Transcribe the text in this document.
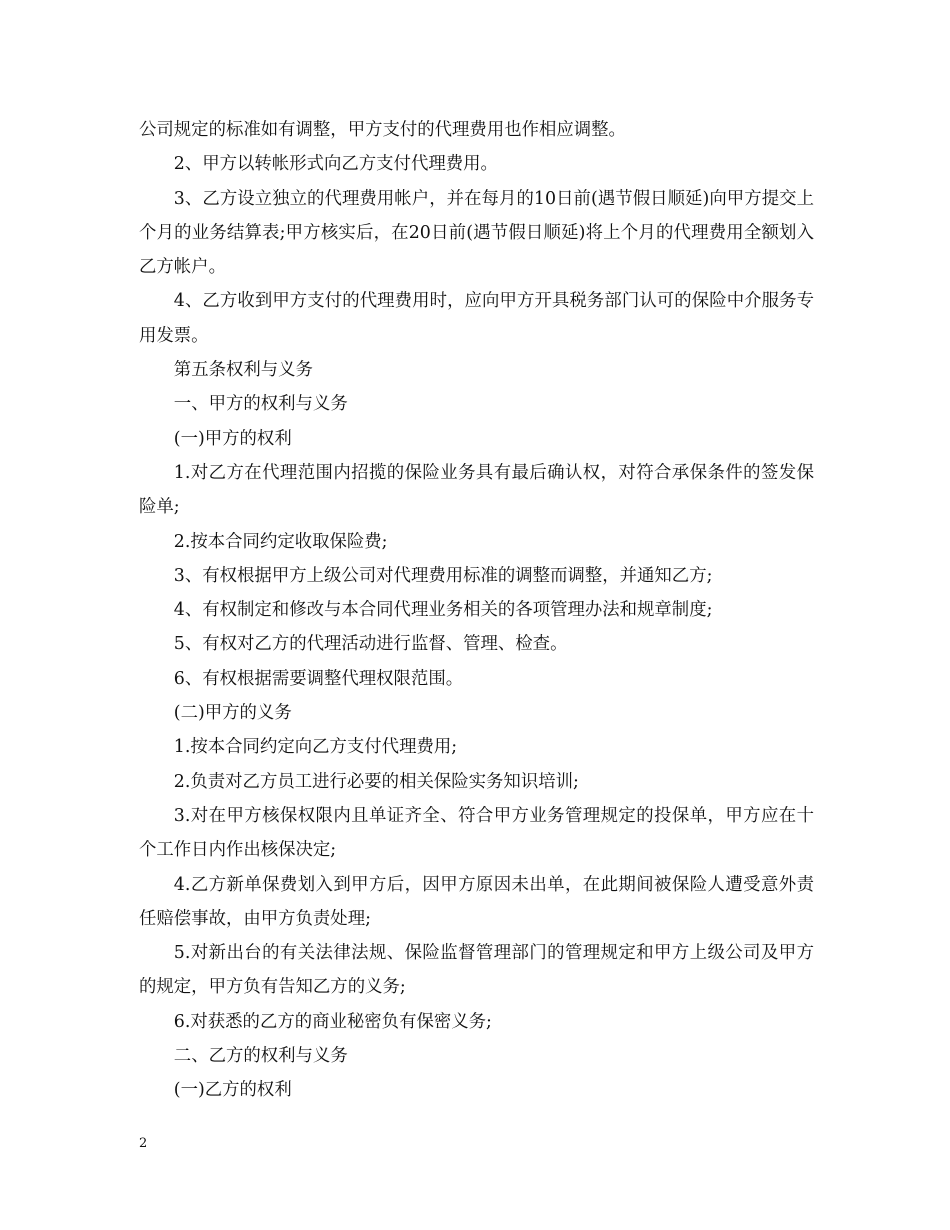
公司规定的标准如有调整，甲方支付的代理费用也作相应调整。

2、甲方以转帐形式向乙方支付代理费用。

3、乙方设立独立的代理费用帐户，并在每月的10日前(遇节假日顺延)向甲方提交上个月的业务结算表;甲方核实后，在20日前(遇节假日顺延)将上个月的代理费用全额划入乙方帐户。

4、乙方收到甲方支付的代理费用时，应向甲方开具税务部门认可的保险中介服务专用发票。

第五条权利与义务

一、甲方的权利与义务

(一)甲方的权利

1.对乙方在代理范围内招揽的保险业务具有最后确认权，对符合承保条件的签发保险单;

2.按本合同约定收取保险费;

3、有权根据甲方上级公司对代理费用标准的调整而调整，并通知乙方;

4、有权制定和修改与本合同代理业务相关的各项管理办法和规章制度;

5、有权对乙方的代理活动进行监督、管理、检查。

6、有权根据需要调整代理权限范围。

(二)甲方的义务

1.按本合同约定向乙方支付代理费用;

2.负责对乙方员工进行必要的相关保险实务知识培训;

3.对在甲方核保权限内且单证齐全、符合甲方业务管理规定的投保单，甲方应在十个工作日内作出核保决定;

4.乙方新单保费划入到甲方后，因甲方原因未出单，在此期间被保险人遭受意外责任赔偿事故，由甲方负责处理;

5.对新出台的有关法律法规、保险监督管理部门的管理规定和甲方上级公司及甲方的规定，甲方负有告知乙方的义务;

6.对获悉的乙方的商业秘密负有保密义务;

二、乙方的权利与义务

(一)乙方的权利

2
